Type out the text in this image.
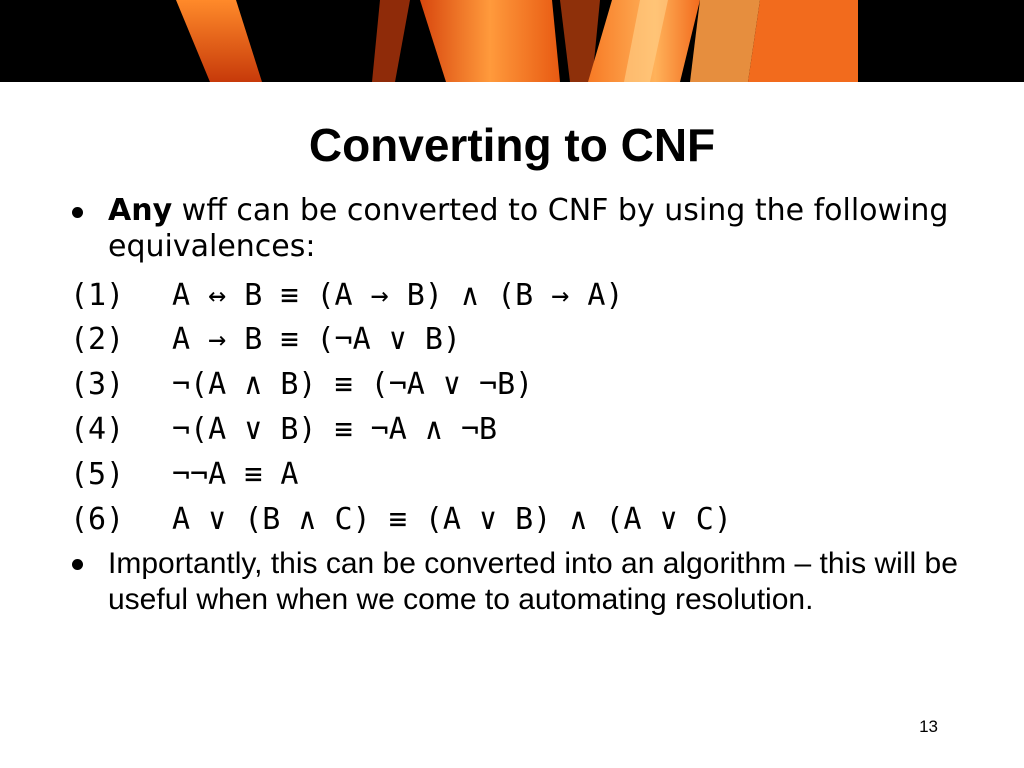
Converting to CNF
Any wff can be converted to CNF by using the following equivalences:
(1) A ↔ B ≡ (A → B) ∧ (B → A)
(2) A → B ≡ (¬A ∨ B)
(3) ¬(A ∧ B) ≡ (¬A ∨ ¬B)
(4) ¬(A ∨ B) ≡ ¬A ∧ ¬B
(5) ¬¬A ≡ A
(6) A ∨ (B ∧ C) ≡ (A ∨ B) ∧ (A ∨ C)
Importantly, this can be converted into an algorithm – this will be useful when when we come to automating resolution.
13
